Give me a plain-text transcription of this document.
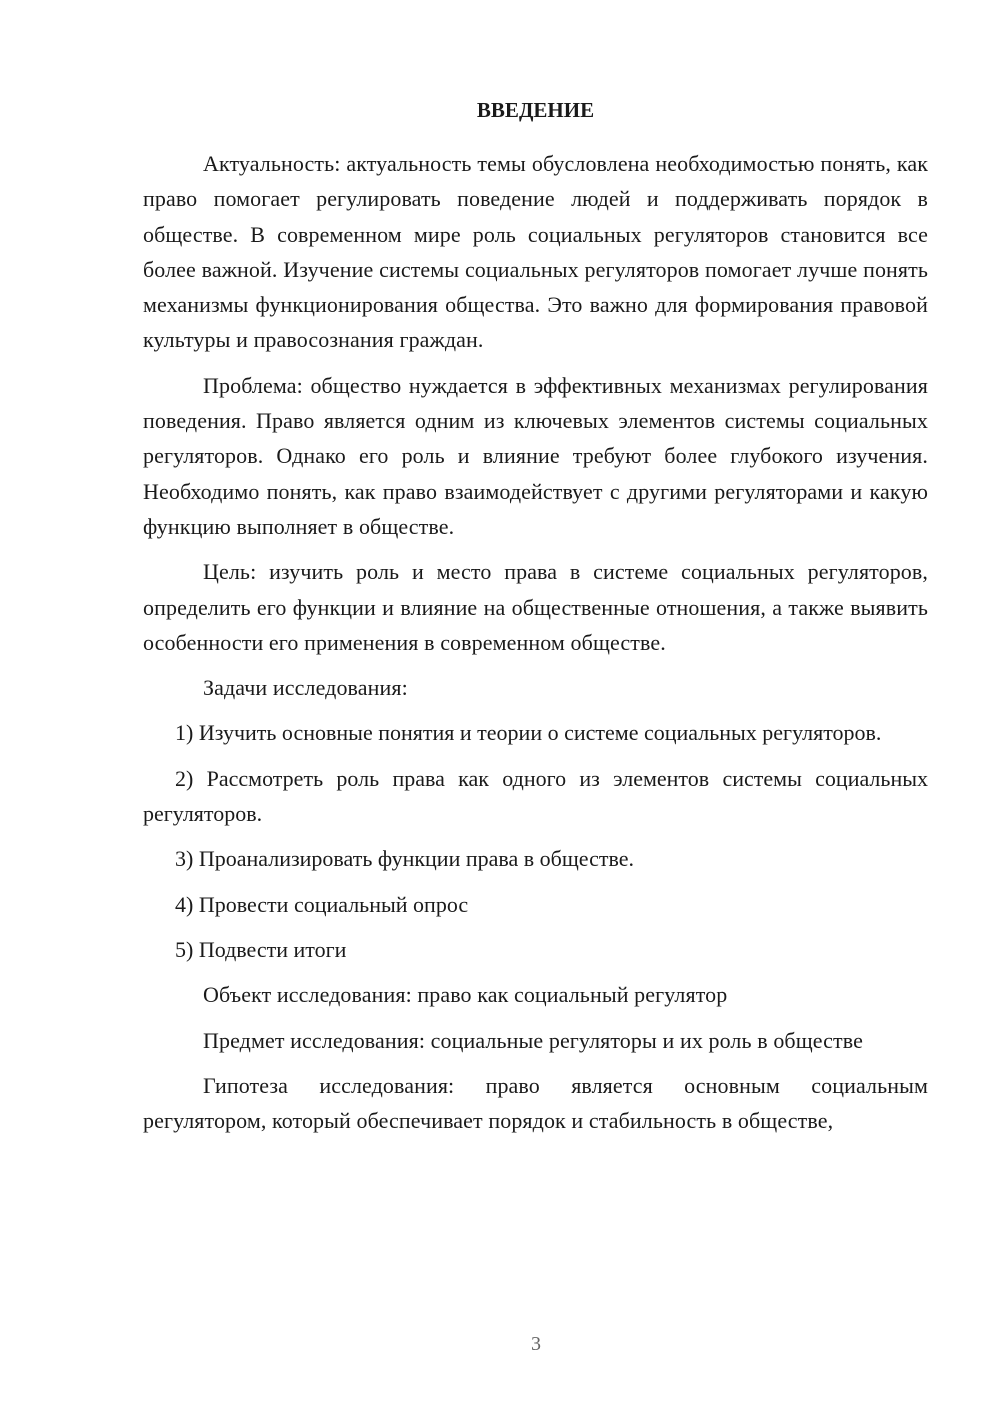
ВВЕДЕНИЕ

Актуальность: актуальность темы обусловлена необходимостью понять, как право помогает регулировать поведение людей и поддерживать порядок в обществе. В современном мире роль социальных регуляторов становится все более важной. Изучение системы социальных регуляторов помогает лучше понять механизмы функционирования общества. Это важно для формирования правовой культуры и правосознания граждан.

Проблема: общество нуждается в эффективных механизмах регулирования поведения. Право является одним из ключевых элементов системы социальных регуляторов. Однако его роль и влияние требуют более глубокого изучения. Необходимо понять, как право взаимодействует с другими регуляторами и какую функцию выполняет в обществе.

Цель: изучить роль и место права в системе социальных регуляторов, определить его функции и влияние на общественные отношения, а также выявить особенности его применения в современном обществе.

Задачи исследования:

1) Изучить основные понятия и теории о системе социальных регуляторов.

2) Рассмотреть роль права как одного из элементов системы социальных регуляторов.

3) Проанализировать функции права в обществе.

4) Провести социальный опрос

5) Подвести итоги

Объект исследования: право как социальный регулятор

Предмет исследования: социальные регуляторы и их роль в обществе

Гипотеза исследования: право является основным социальным регулятором, который обеспечивает порядок и стабильность в обществе,

3
